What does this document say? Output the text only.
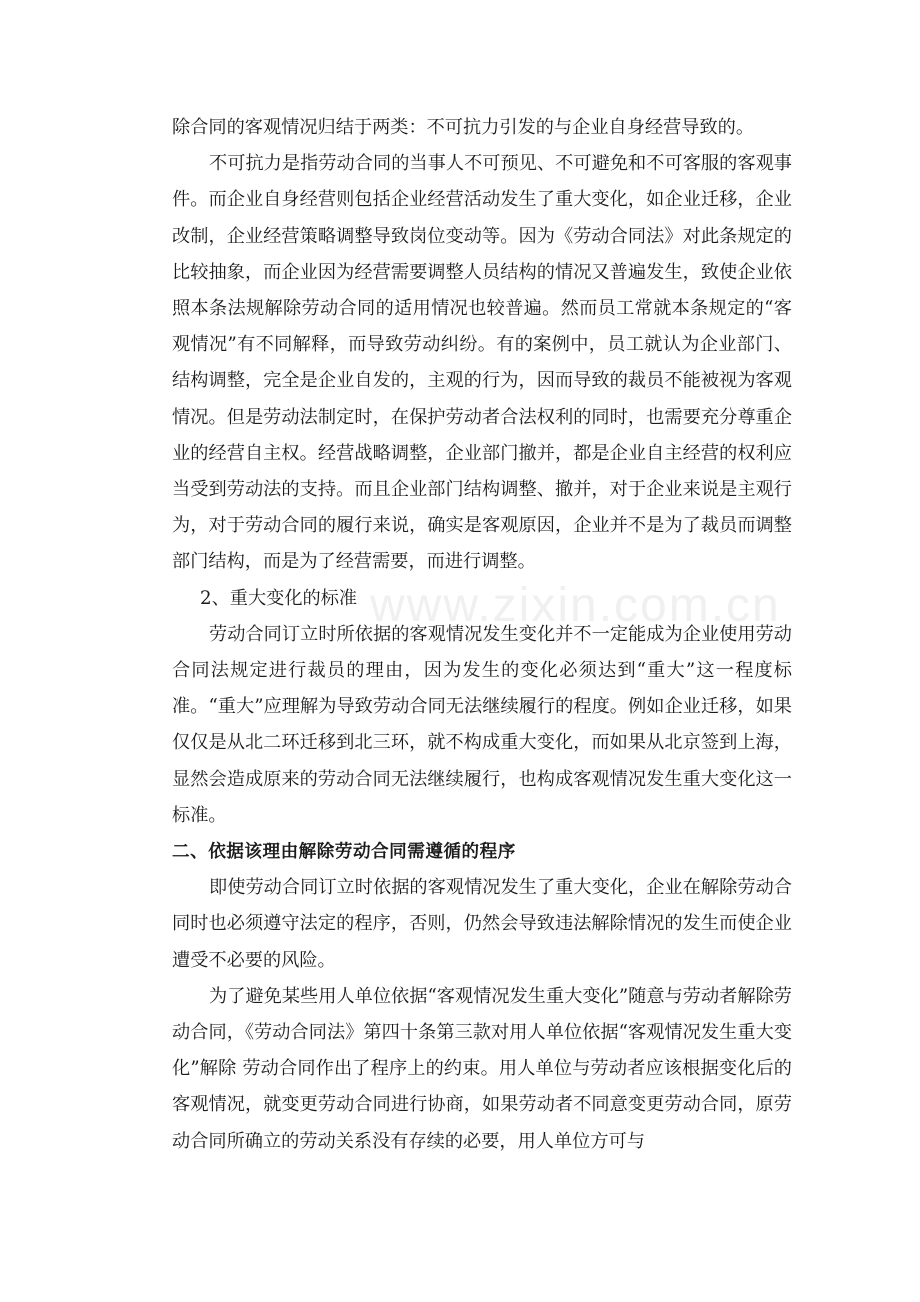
www.zixin.com.cn

除合同的客观情况归结于两类：不可抗力引发的与企业自身经营导致的。

不可抗力是指劳动合同的当事人不可预见、不可避免和不可客服的客观事件。而企业自身经营则包括企业经营活动发生了重大变化，如企业迁移，企业改制，企业经营策略调整导致岗位变动等。因为《劳动合同法》对此条规定的比较抽象，而企业因为经营需要调整人员结构的情况又普遍发生，致使企业依照本条法规解除劳动合同的适用情况也较普遍。然而员工常就本条规定的“客观情况”有不同解释，而导致劳动纠纷。有的案例中，员工就认为企业部门、结构调整，完全是企业自发的，主观的行为，因而导致的裁员不能被视为客观情况。但是劳动法制定时，在保护劳动者合法权利的同时，也需要充分尊重企业的经营自主权。经营战略调整，企业部门撤并，都是企业自主经营的权利应当受到劳动法的支持。而且企业部门结构调整、撤并，对于企业来说是主观行为，对于劳动合同的履行来说，确实是客观原因，企业并不是为了裁员而调整部门结构，而是为了经营需要，而进行调整。

2、重大变化的标准

劳动合同订立时所依据的客观情况发生变化并不一定能成为企业使用劳动合同法规定进行裁员的理由，因为发生的变化必须达到“重大”这一程度标准。“重大”应理解为导致劳动合同无法继续履行的程度。例如企业迁移，如果仅仅是从北二环迁移到北三环，就不构成重大变化，而如果从北京签到上海，显然会造成原来的劳动合同无法继续履行，也构成客观情况发生重大变化这一标准。

二、依据该理由解除劳动合同需遵循的程序

即使劳动合同订立时依据的客观情况发生了重大变化，企业在解除劳动合同时也必须遵守法定的程序，否则，仍然会导致违法解除情况的发生而使企业遭受不必要的风险。

为了避免某些用人单位依据“客观情况发生重大变化”随意与劳动者解除劳动合同，《劳动合同法》第四十条第三款对用人单位依据“客观情况发生重大变化”解除 劳动合同作出了程序上的约束。用人单位与劳动者应该根据变化后的客观情况，就变更劳动合同进行协商，如果劳动者不同意变更劳动合同，原劳动合同所确立的劳动关系没有存续的必要，用人单位方可与
